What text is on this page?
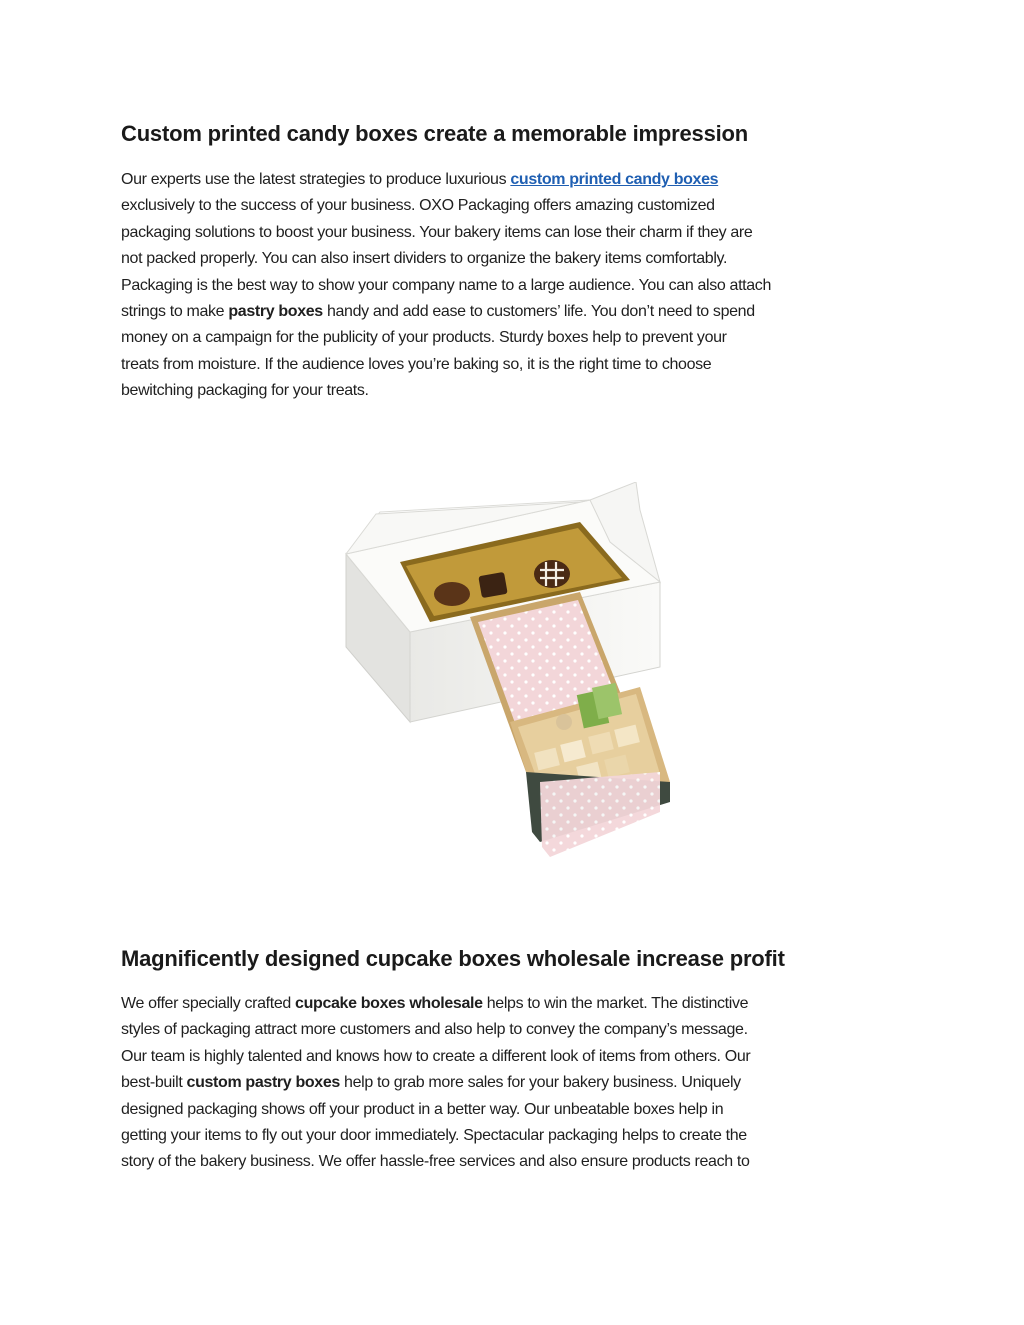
Custom printed candy boxes create a memorable impression

Our experts use the latest strategies to produce luxurious custom printed candy boxes
exclusively to the success of your business. OXO Packaging offers amazing customized
packaging solutions to boost your business. Your bakery items can lose their charm if they are
not packed properly. You can also insert dividers to organize the bakery items comfortably.
Packaging is the best way to show your company name to a large audience. You can also attach
strings to make pastry boxes handy and add ease to customers’ life. You don’t need to spend
money on a campaign for the publicity of your products. Sturdy boxes help to prevent your
treats from moisture. If the audience loves you’re baking so, it is the right time to choose
bewitching packaging for your treats.

Magnificently designed cupcake boxes wholesale increase profit

We offer specially crafted cupcake boxes wholesale helps to win the market. The distinctive
styles of packaging attract more customers and also help to convey the company’s message.
Our team is highly talented and knows how to create a different look of items from others. Our
best-built custom pastry boxes help to grab more sales for your bakery business. Uniquely
designed packaging shows off your product in a better way. Our unbeatable boxes help in
getting your items to fly out your door immediately. Spectacular packaging helps to create the
story of the bakery business. We offer hassle-free services and also ensure products reach to
